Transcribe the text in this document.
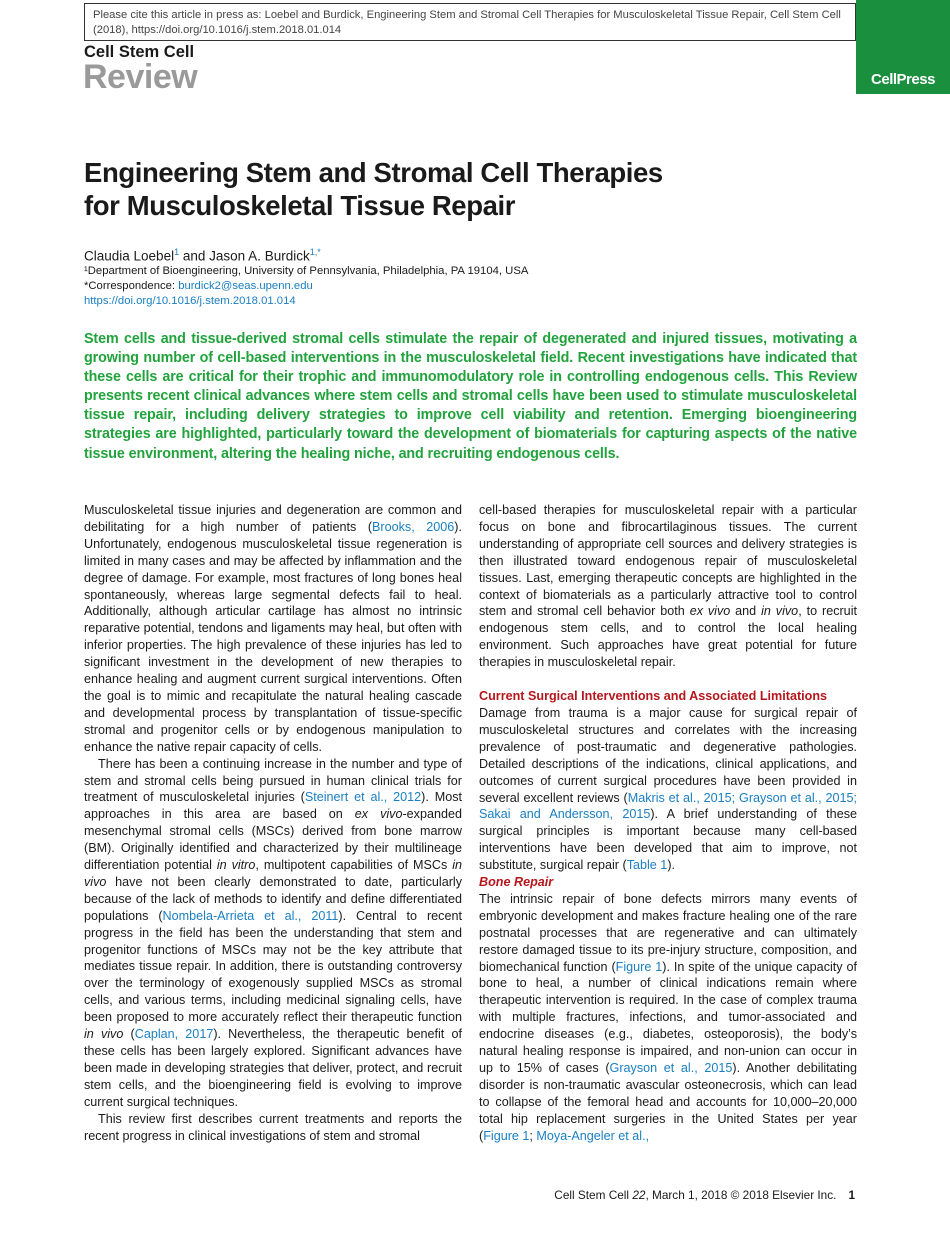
Please cite this article in press as: Loebel and Burdick, Engineering Stem and Stromal Cell Therapies for Musculoskeletal Tissue Repair, Cell Stem Cell
(2018), https://doi.org/10.1016/j.stem.2018.01.014
CellPress
Cell Stem Cell
Review
Engineering Stem and Stromal Cell Therapies
for Musculoskeletal Tissue Repair
Claudia Loebel$^1$ and Jason A. Burdick$^{1,*}$
¹Department of Bioengineering, University of Pennsylvania, Philadelphia, PA 19104, USA
*Correspondence: burdick2@seas.upenn.edu
https://doi.org/10.1016/j.stem.2018.01.014
Stem cells and tissue-derived stromal cells stimulate the repair of degenerated and injured tissues, motivating a growing number of cell-based interventions in the musculoskeletal field. Recent investigations have indicated that these cells are critical for their trophic and immunomodulatory role in controlling endogenous cells. This Review presents recent clinical advances where stem cells and stromal cells have been used to stimulate musculoskeletal tissue repair, including delivery strategies to improve cell viability and retention. Emerging bioengineering strategies are highlighted, particularly toward the development of biomaterials for capturing aspects of the native tissue environment, altering the healing niche, and recruiting endogenous cells.

Musculoskeletal tissue injuries and degeneration are common and debilitating for a high number of patients (Brooks, 2006). Unfortunately, endogenous musculoskeletal tissue regeneration is limited in many cases and may be affected by inflammation and the degree of damage. For example, most fractures of long bones heal spontaneously, whereas large segmental defects fail to heal. Additionally, although articular cartilage has almost no intrinsic reparative potential, tendons and ligaments may heal, but often with inferior properties. The high prevalence of these injuries has led to significant investment in the development of new therapies to enhance healing and augment current surgical interventions. Often the goal is to mimic and recapitulate the natural healing cascade and developmental process by transplantation of tissue-specific stromal and progenitor cells or by endogenous manipulation to enhance the native repair capacity of cells.

There has been a continuing increase in the number and type of stem and stromal cells being pursued in human clinical trials for treatment of musculoskeletal injuries (Steinert et al., 2012). Most approaches in this area are based on ex vivo-expanded mesenchymal stromal cells (MSCs) derived from bone marrow (BM). Originally identified and characterized by their multilineage differentiation potential in vitro, multipotent capabilities of MSCs in vivo have not been clearly demonstrated to date, particularly because of the lack of methods to identify and define differentiated populations (Nombela-Arrieta et al., 2011). Central to recent progress in the field has been the understanding that stem and progenitor functions of MSCs may not be the key attribute that mediates tissue repair. In addition, there is outstanding controversy over the terminology of exogenously supplied MSCs as stromal cells, and various terms, including medicinal signaling cells, have been proposed to more accurately reflect their therapeutic function in vivo (Caplan, 2017). Nevertheless, the therapeutic benefit of these cells has been largely explored. Significant advances have been made in developing strategies that deliver, protect, and recruit stem cells, and the bioengineering field is evolving to improve current surgical techniques.

This review first describes current treatments and reports the recent progress in clinical investigations of stem and stromal

cell-based therapies for musculoskeletal repair with a particular focus on bone and fibrocartilaginous tissues. The current understanding of appropriate cell sources and delivery strategies is then illustrated toward endogenous repair of musculoskeletal tissues. Last, emerging therapeutic concepts are highlighted in the context of biomaterials as a particularly attractive tool to control stem and stromal cell behavior both ex vivo and in vivo, to recruit endogenous stem cells, and to control the local healing environment. Such approaches have great potential for future therapies in musculoskeletal repair.

Current Surgical Interventions and Associated Limitations

Damage from trauma is a major cause for surgical repair of musculoskeletal structures and correlates with the increasing prevalence of post-traumatic and degenerative pathologies. Detailed descriptions of the indications, clinical applications, and outcomes of current surgical procedures have been provided in several excellent reviews (Makris et al., 2015; Grayson et al., 2015; Sakai and Andersson, 2015). A brief understanding of these surgical principles is important because many cell-based interventions have been developed that aim to improve, not substitute, surgical repair (Table 1).

Bone Repair

The intrinsic repair of bone defects mirrors many events of embryonic development and makes fracture healing one of the rare postnatal processes that are regenerative and can ultimately restore damaged tissue to its pre-injury structure, composition, and biomechanical function (Figure 1). In spite of the unique capacity of bone to heal, a number of clinical indications remain where therapeutic intervention is required. In the case of complex trauma with multiple fractures, infections, and tumor-associated and endocrine diseases (e.g., diabetes, osteoporosis), the body’s natural healing response is impaired, and non-union can occur in up to 15% of cases (Grayson et al., 2015). Another debilitating disorder is non-traumatic avascular osteonecrosis, which can lead to collapse of the femoral head and accounts for 10,000–20,000 total hip replacement surgeries in the United States per year (Figure 1; Moya-Angeler et al.,

Cell Stem Cell 22, March 1, 2018 © 2018 Elsevier Inc. 1
